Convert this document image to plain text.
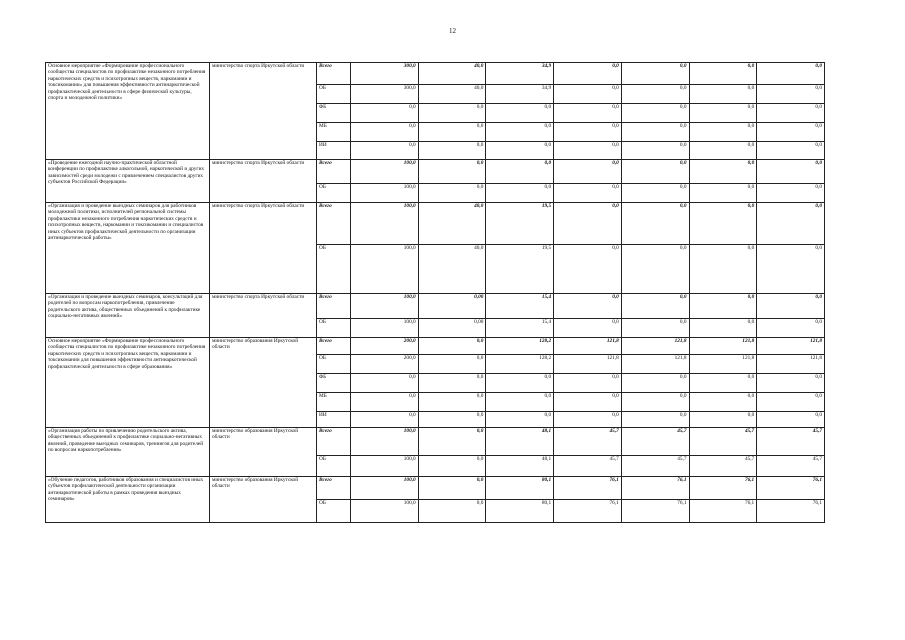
12
Основное мероприятие «Формирование профессионального сообщества специалистов по профилактике незаконного потребления наркотических средств и психотропных веществ, наркомании и токсикомании» для повышения эффективности антинаркотической профилактической деятельности в сфере физической культуры, спорта и молодежной политики»	министерство спорта Иркутской области	Всего	300,0	40,0	34,9	0,0	0,0	0,0	0,0
		ОБ	300,0	40,0	34,9	0,0	0,0	0,0	0,0
		ФБ	0,0	0,0	0,0	0,0	0,0	0,0	0,0
		МБ	0,0	0,0	0,0	0,0	0,0	0,0	0,0
		ИИ	0,0	0,0	0,0	0,0	0,0	0,0	0,0
«Проведение ежегодной научно-практической областной конференции по профилактике алкогольной, наркотической и других зависимостей среди молодежи с привлечением специалистов других субъектов Российской Федерации»	министерство спорта Иркутской области	Всего	100,0	0,0	0,0	0,0	0,0	0,0	0,0
		ОБ	100,0	0,0	0,0	0,0	0,0	0,0	0,0
«Организация и проведение выездных семинаров для работников молодежной политики, исполнителей региональной системы профилактики незаконного потребления наркотических средств и психотропных веществ, наркомании и токсикомании и специалистов иных субъектов профилактической деятельности по организации антинаркотической работы»	министерство спорта Иркутской области	Всего	100,0	40,0	19,5	0,0	0,0	0,0	0,0
		ОБ	100,0	40,0	19,5	0,0	0,0	0,0	0,0
«Организация и проведение выездных семинаров, консультаций для родителей по вопросам наркопотребления, привлечение родительского актива, общественных объединений к профилактике социально-негативных явлений»	министерство спорта Иркутской области	Всего	100,0	0,00	15,4	0,0	0,0	0,0	0,0
		ОБ	100,0	0,00	15,4	0,0	0,0	0,0	0,0
Основное мероприятие «Формирование профессионального сообщества специалистов по профилактике незаконного потребления наркотических средств и психотропных веществ, наркомании и токсикомании для повышения эффективности антинаркотической профилактической деятельности в сфере образования»	министерство образования Иркутской области	Всего	200,0	0,0	128,2	121,8	121,8	121,8	121,8
		ОБ	200,0	0,0	128,2	121,8	121,8	121,8	121,8
		ФБ	0,0	0,0	0,0	0,0	0,0	0,0	0,0
		МБ	0,0	0,0	0,0	0,0	0,0	0,0	0,0
		ИИ	0,0	0,0	0,0	0,0	0,0	0,0	0,0
«Организация работы по привлечению родительского актива, общественных объединений к профилактике социально-негативных явлений, проведение выездных семинаров, тренингов для родителей по вопросам наркопотребления»	министерство образования Иркутской области	Всего	100,0	0,0	48,1	45,7	45,7	45,7	45,7
		ОБ	100,0	0,0	48,1	45,7	45,7	45,7	45,7
«Обучение педагогов, работников образования и специалистов иных субъектов профилактической деятельности организации антинаркотической работы в рамках проведения выездных семинаров»	министерство образования Иркутской области	Всего	100,0	0,0	80,1	76,1	76,1	76,1	76,1
		ОБ	100,0	0,0	80,1	76,1	76,1	76,1	76,1
